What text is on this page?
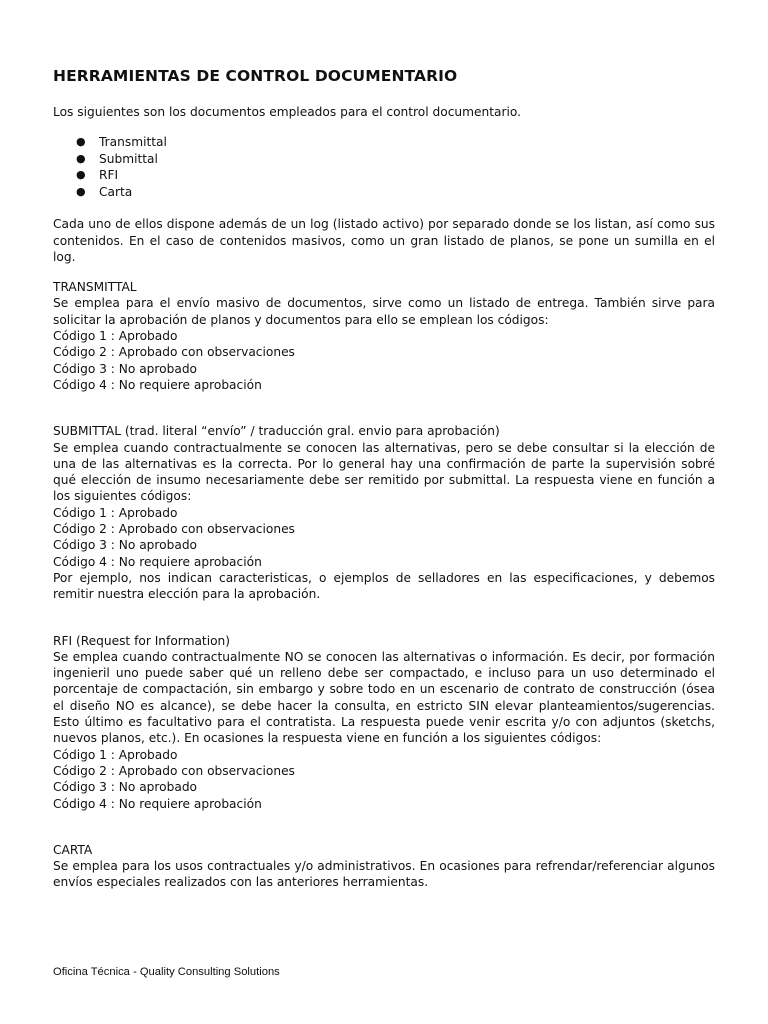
HERRAMIENTAS DE CONTROL DOCUMENTARIO

Los siguientes son los documentos empleados para el control documentario.

● Transmittal
● Submittal
● RFI
● Carta

Cada uno de ellos dispone además de un log (listado activo) por separado donde se los listan, así como sus contenidos. En el caso de contenidos masivos, como un gran listado de planos, se pone un sumilla en el log.

TRANSMITTAL

Se emplea para el envío masivo de documentos, sirve como un listado de entrega. También sirve para solicitar la aprobación de planos y documentos para ello se emplean los códigos:

Código 1 : Aprobado
Código 2 : Aprobado con observaciones
Código 3 : No aprobado
Código 4 : No requiere aprobación

SUBMITTAL (trad. literal “envío” / traducción gral. envio para aprobación)

Se emplea cuando contractualmente se conocen las alternativas, pero se debe consultar si la elección de una de las alternativas es la correcta. Por lo general hay una confirmación de parte la supervisión sobré qué elección de insumo necesariamente debe ser remitido por submittal. La respuesta viene en función a los siguientes códigos:

Código 1 : Aprobado
Código 2 : Aprobado con observaciones
Código 3 : No aprobado
Código 4 : No requiere aprobación

Por ejemplo, nos indican caracteristicas, o ejemplos de selladores en las especificaciones, y debemos remitir nuestra elección para la aprobación.

RFI (Request for Information)

Se emplea cuando contractualmente NO se conocen las alternativas o información. Es decir, por formación ingenieril uno puede saber qué un relleno debe ser compactado, e incluso para un uso determinado el porcentaje de compactación, sin embargo y sobre todo en un escenario de contrato de construcción (ósea el diseño NO es alcance), se debe hacer la consulta, en estricto SIN elevar planteamientos/sugerencias. Esto último es facultativo para el contratista. La respuesta puede venir escrita y/o con adjuntos (sketchs, nuevos planos, etc.). En ocasiones la respuesta viene en función a los siguientes códigos:

Código 1 : Aprobado
Código 2 : Aprobado con observaciones
Código 3 : No aprobado
Código 4 : No requiere aprobación

CARTA

Se emplea para los usos contractuales y/o administrativos. En ocasiones para refrendar/referenciar algunos envíos especiales realizados con las anteriores herramientas.

Oficina Técnica - Quality Consulting Solutions
